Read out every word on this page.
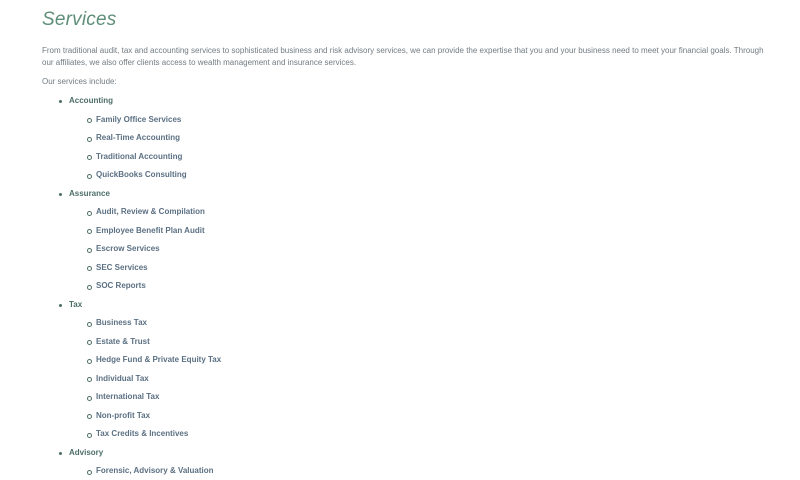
Services

From traditional audit, tax and accounting services to sophisticated business and risk advisory services, we can provide the expertise that you and your business need to meet your financial goals. Through our affiliates, we also offer clients access to wealth management and insurance services.

Our services include:

Accounting
Family Office Services
Real-Time Accounting
Traditional Accounting
QuickBooks Consulting
Assurance
Audit, Review & Compilation
Employee Benefit Plan Audit
Escrow Services
SEC Services
SOC Reports
Tax
Business Tax
Estate & Trust
Hedge Fund & Private Equity Tax
Individual Tax
International Tax
Non-profit Tax
Tax Credits & Incentives
Advisory
Forensic, Advisory & Valuation
